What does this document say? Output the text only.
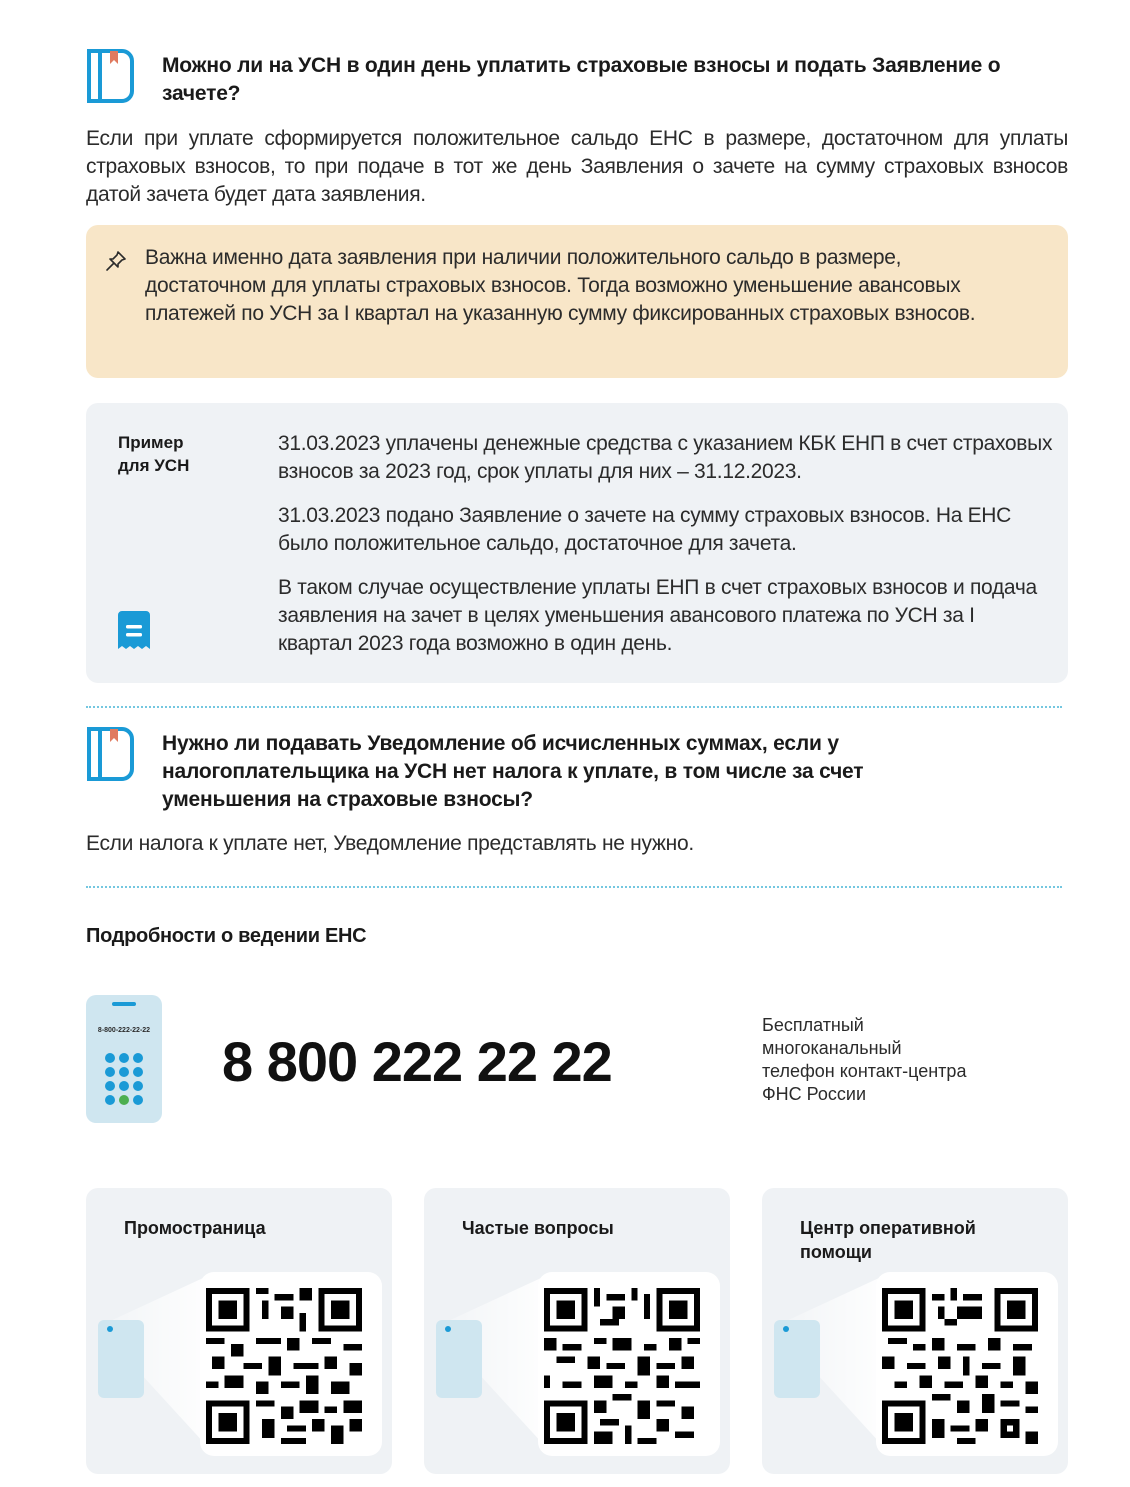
Можно ли на УСН в один день уплатить страховые взносы и подать Заявление о зачете?
Если при уплате сформируется положительное сальдо ЕНС в размере, достаточном для уплаты страховых взносов, то при подаче в тот же день Заявления о зачете на сумму страховых взносов датой зачета будет дата заявления.
Важна именно дата заявления при наличии положительного сальдо в размере, достаточном для уплаты страховых взносов. Тогда возможно уменьшение авансовых платежей по УСН за I квартал на указанную сумму фиксированных страховых взносов.
Пример
для УСН

31.03.2023 уплачены денежные средства с указанием КБК ЕНП в счет страховых взносов за 2023 год, срок уплаты для них – 31.12.2023.

31.03.2023 подано Заявление о зачете на сумму страховых взносов. На ЕНС было положительное сальдо, достаточное для зачета.

В таком случае осуществление уплаты ЕНП в счет страховых взносов и подача заявления на зачет в целях уменьшения авансового платежа по УСН за I квартал 2023 года возможно в один день.

Нужно ли подавать Уведомление об исчисленных суммах, если у налогоплательщика на УСН нет налога к уплате, в том числе за счет уменьшения на страховые взносы?
Если налога к уплате нет, Уведомление представлять не нужно.
Подробности о ведении ЕНС
8-800-222-22-22 8 800 222 22 22
Бесплатный
многоканальный
телефон контакт-центра
ФНС России
Промостраница	Частые вопросы	Центр оперативной помощи
